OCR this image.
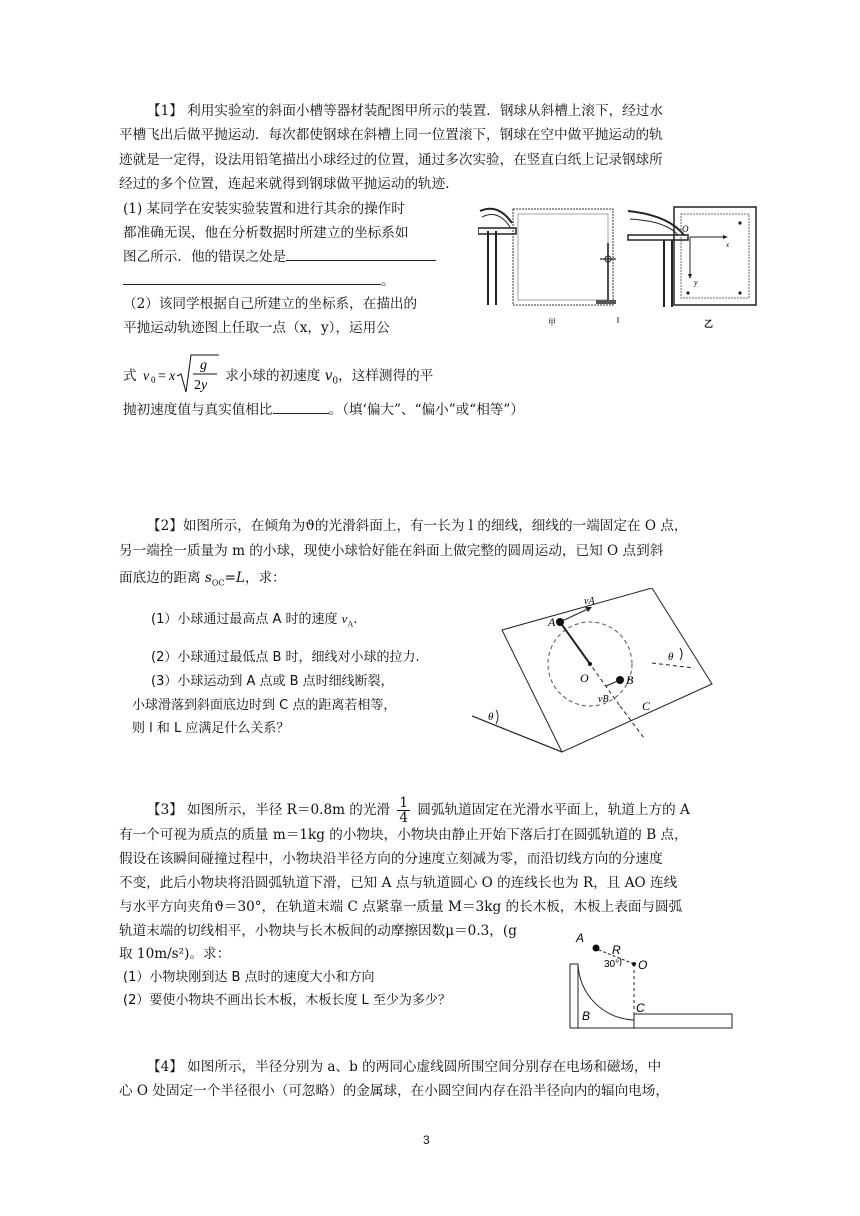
【1】 利用实验室的斜面小槽等器材装配图甲所示的装置．钢球从斜槽上滚下，经过水
平槽飞出后做平抛运动．每次都使钢球在斜槽上同一位置滚下，钢球在空中做平抛运动的轨
迹就是一定得，设法用铅笔描出小球经过的位置，通过多次实验，在竖直白纸上记录钢球所
经过的多个位置，连起来就得到钢球做平抛运动的轨迹．
(1) 某同学在安装实验装置和进行其余的操作时
都准确无误，他在分析数据时所建立的坐标系如
图乙所示．他的错误之处是
。
（2）该同学根据自己所建立的坐标系，在描出的
平抛运动轨迹图上任取一点（x，y），运用公
式 v 0 = x
g
2y
求小球的初速度 $v_0$，这样测得的平
抛初速度值与真实值相比	。（填‘偏大”、“偏小”或“相等”）
甲
O
x
y
乙
【2】如图所示，在倾角为ϑ的光滑斜面上，有一长为 l 的细线，细线的一端固定在 O 点，
另一端拴一质量为 m 的小球，现使小球恰好能在斜面上做完整的圆周运动，已知 O 点到斜
面底边的距离 $s_{OC}=L$，求：
(1）小球通过最高点 A 时的速度 $v_A$.
(2）小球通过最低点 B 时，细线对小球的拉力.
(3）小球运动到 A 点或 B 点时细线断裂，
小球滑落到斜面底边时到 C 点的距离若相等，
则 l 和 L 应满足什么关系？
A
B
O
C
vA
vB
θ
θ
【3】 如图所示，半径 R＝0.8m 的光滑 $\frac{1}{4}$ 圆弧轨道固定在光滑水平面上，轨道上方的 A
有一个可视为质点的质量 m＝1kg 的小物块，小物块由静止开始下落后打在圆弧轨道的 B 点，
假设在该瞬间碰撞过程中，小物块沿半径方向的分速度立刻减为零，而沿切线方向的分速度
不变，此后小物块将沿圆弧轨道下滑，已知 A 点与轨道圆心 O 的连线长也为 R，且 AO 连线
与水平方向夹角ϑ＝30°，在轨道末端 C 点紧靠一质量 M＝3kg 的长木板，木板上表面与圆弧
轨道末端的切线相平，小物块与长木板间的动摩擦因数μ＝0.3，(g
取 10m/s²)。求：
(1）小物块刚到达 B 点时的速度大小和方向
(2）要使小物块不画出长木板，木板长度 L 至少为多少？
A
R
30° O
B
C
【4】 如图所示，半径分别为 a、b 的两同心虚线圆所围空间分别存在电场和磁场，中
心 O 处固定一个半径很小（可忽略）的金属球，在小圆空间内存在沿半径向内的辐向电场，
3
